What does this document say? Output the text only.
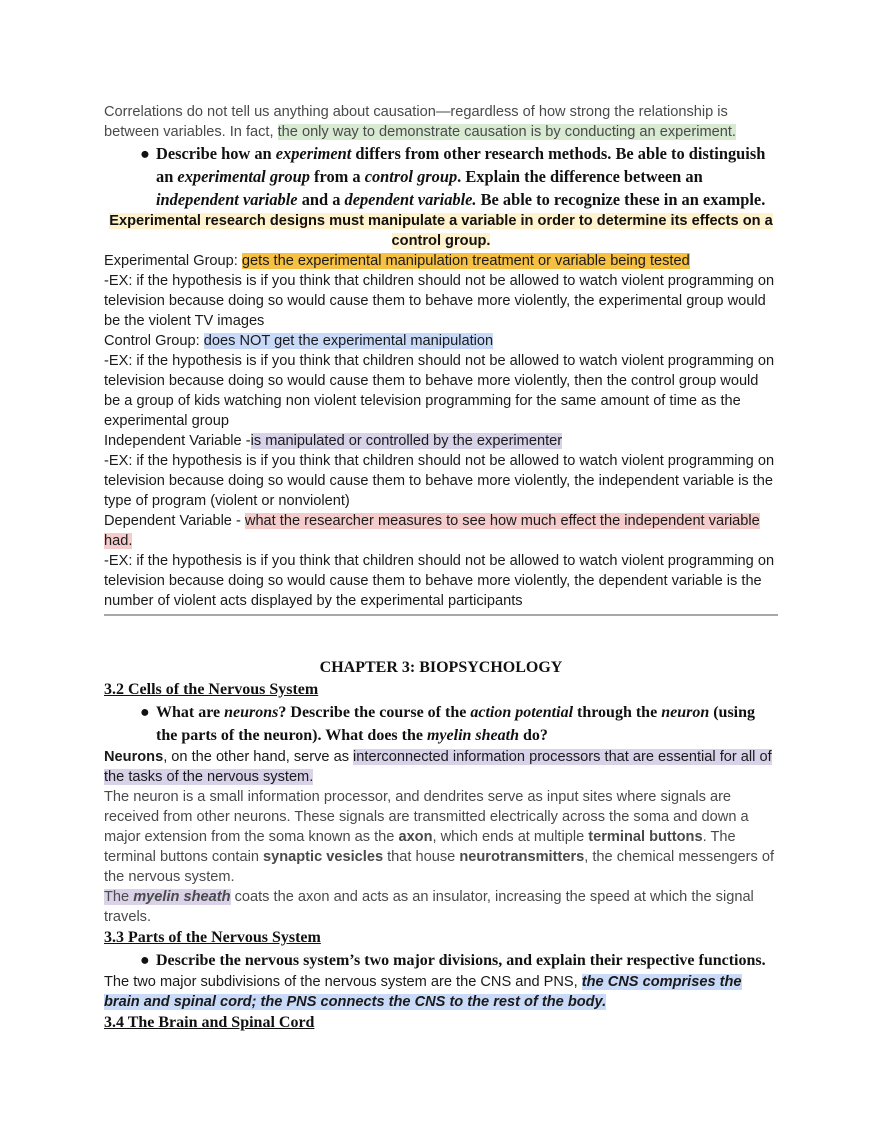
Correlations do not tell us anything about causation—regardless of how strong the relationship is between variables. In fact, the only way to demonstrate causation is by conducting an experiment.

● Describe how an experiment differs from other research methods. Be able to distinguish an experimental group from a control group. Explain the difference between an independent variable and a dependent variable. Be able to recognize these in an example.

Experimental research designs must manipulate a variable in order to determine its effects on a control group.

Experimental Group: gets the experimental manipulation treatment or variable being tested

-EX: if the hypothesis is if you think that children should not be allowed to watch violent programming on television because doing so would cause them to behave more violently, the experimental group would be the violent TV images

Control Group: does NOT get the experimental manipulation

-EX: if the hypothesis is if you think that children should not be allowed to watch violent programming on television because doing so would cause them to behave more violently, then the control group would be a group of kids watching non violent television programming for the same amount of time as the experimental group

Independent Variable -is manipulated or controlled by the experimenter

-EX: if the hypothesis is if you think that children should not be allowed to watch violent programming on television because doing so would cause them to behave more violently, the independent variable is the type of program (violent or nonviolent)

Dependent Variable - what the researcher measures to see how much effect the independent variable had.

-EX: if the hypothesis is if you think that children should not be allowed to watch violent programming on television because doing so would cause them to behave more violently, the dependent variable is the number of violent acts displayed by the experimental participants

CHAPTER 3: BIOPSYCHOLOGY
3.2 Cells of the Nervous System
● What are neurons? Describe the course of the action potential through the neuron (using the parts of the neuron). What does the myelin sheath do?

Neurons, on the other hand, serve as interconnected information processors that are essential for all of the tasks of the nervous system.

The neuron is a small information processor, and dendrites serve as input sites where signals are received from other neurons. These signals are transmitted electrically across the soma and down a major extension from the soma known as the axon, which ends at multiple terminal buttons. The terminal buttons contain synaptic vesicles that house neurotransmitters, the chemical messengers of the nervous system.

The myelin sheath coats the axon and acts as an insulator, increasing the speed at which the signal travels.

3.3 Parts of the Nervous System
● Describe the nervous system’s two major divisions, and explain their respective functions.

The two major subdivisions of the nervous system are the CNS and PNS, the CNS comprises the brain and spinal cord; the PNS connects the CNS to the rest of the body.

3.4 The Brain and Spinal Cord
